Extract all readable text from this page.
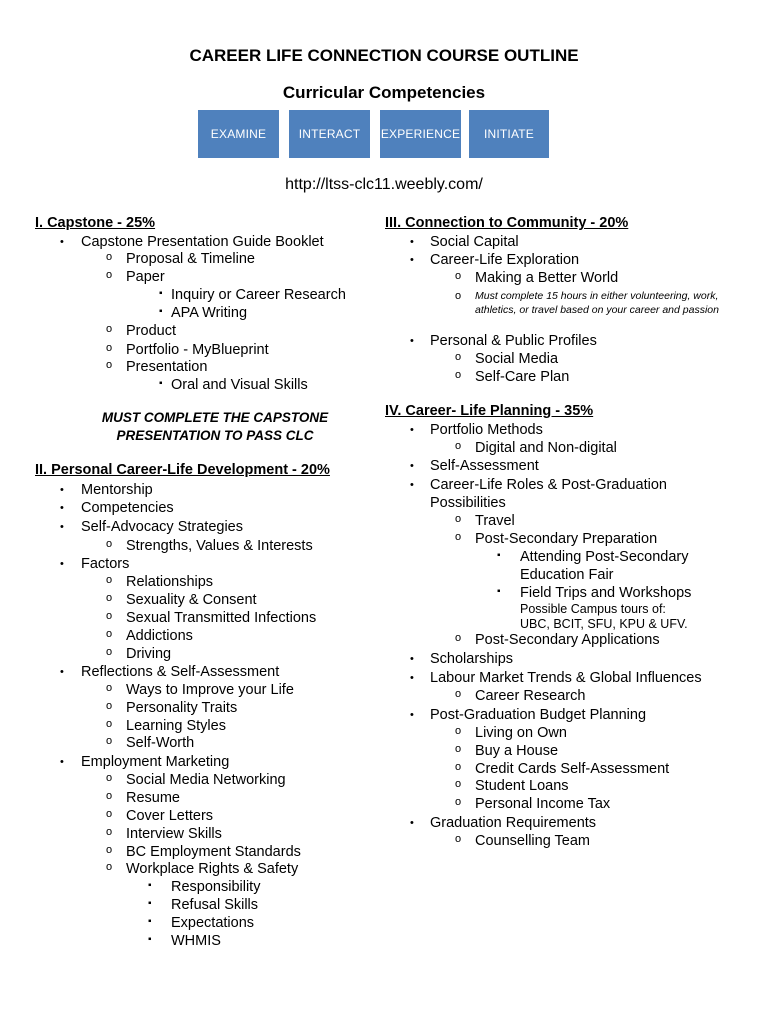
CAREER LIFE CONNECTION COURSE OUTLINE
Curricular Competencies
EXAMINE	INTERACT	EXPERIENCE	INITIATE
http://ltss-clc11.weebly.com/
I. Capstone - 25%
• Capstone Presentation Guide Booklet
o Proposal & Timeline
o Paper
▪ Inquiry or Career Research
▪ APA Writing
o Product
o Portfolio - MyBlueprint
o Presentation
▪ Oral and Visual Skills
MUST COMPLETE THE CAPSTONE
PRESENTATION TO PASS CLC
II. Personal Career-Life Development - 20%
• Mentorship
• Competencies
• Self-Advocacy Strategies
o Strengths, Values & Interests
• Factors
o Relationships
o Sexuality & Consent
o Sexual Transmitted Infections
o Addictions
o Driving
• Reflections & Self-Assessment
o Ways to Improve your Life
o Personality Traits
o Learning Styles
o Self-Worth
• Employment Marketing
o Social Media Networking
o Resume
o Cover Letters
o Interview Skills
o BC Employment Standards
o Workplace Rights & Safety
▪ Responsibility
▪ Refusal Skills
▪ Expectations
▪ WHMIS
III. Connection to Community - 20%
• Social Capital
• Career-Life Exploration
o Making a Better World
o Must complete 15 hours in either volunteering, work, athletics, or travel based on your career and passion
• Personal & Public Profiles
o Social Media
o Self-Care Plan
IV. Career- Life Planning - 35%
• Portfolio Methods
o Digital and Non-digital
• Self-Assessment
• Career-Life Roles & Post-Graduation
Possibilities
o Travel
o Post-Secondary Preparation
▪ Attending Post-Secondary
Education Fair
▪ Field Trips and Workshops
Possible Campus tours of:
UBC, BCIT, SFU, KPU & UFV.
o Post-Secondary Applications
• Scholarships
• Labour Market Trends & Global Influences
o Career Research
• Post-Graduation Budget Planning
o Living on Own
o Buy a House
o Credit Cards Self-Assessment
o Student Loans
o Personal Income Tax
• Graduation Requirements
o Counselling Team
